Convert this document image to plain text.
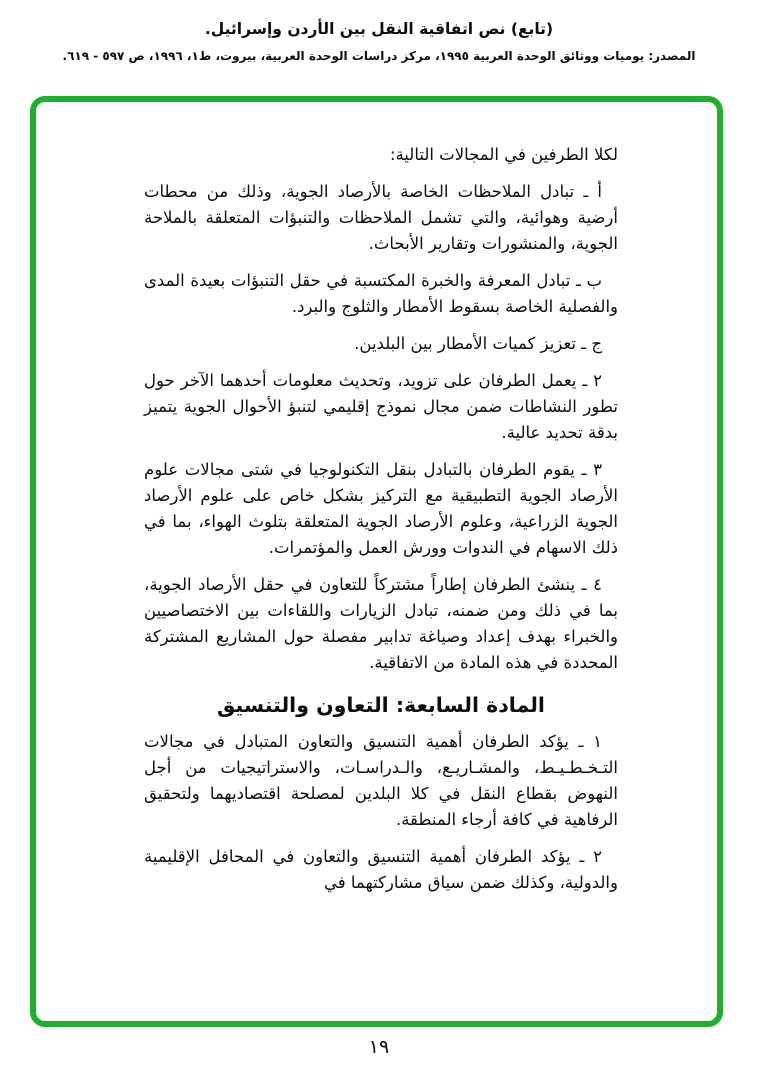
(تابع) نص اتفاقية النقل بين الأردن وإسرائيل.
المصدر: يوميات ووثائق الوحدة العربية ١٩٩٥، مركز دراسات الوحدة العربية، بيروت، ط١، ١٩٩٦، ص ٥٩٧ - ٦١٩.

لكلا الطرفين في المجالات التالية:

أ ـ تبادل الملاحظات الخاصة بالأرصاد الجوية، وذلك من محطات أرضية وهوائية، والتي تشمل الملاحظات والتنبؤات المتعلقة بالملاحة الجوية، والمنشورات وتقارير الأبحاث.

ب ـ تبادل المعرفة والخبرة المكتسبة في حقل التنبؤات بعيدة المدى والفصلية الخاصة بسقوط الأمطار والثلوج والبرد.

ج ـ تعزيز كميات الأمطار بين البلدين.

٢ ـ يعمل الطرفان على تزويد، وتحديث معلومات أحدهما الآخر حول تطور النشاطات ضمن مجال نموذج إقليمي لتنبؤ الأحوال الجوية يتميز بدقة تحديد عالية.

٣ ـ يقوم الطرفان بالتبادل بنقل التكنولوجيا في شتى مجالات علوم الأرصاد الجوية التطبيقية مع التركيز بشكل خاص على علوم الأرصاد الجوية الزراعية، وعلوم الأرصاد الجوية المتعلقة بتلوث الهواء، بما في ذلك الاسهام في الندوات وورش العمل والمؤتمرات.

٤ ـ ينشئ الطرفان إطاراً مشتركاً للتعاون في حقل الأرصاد الجوية، بما في ذلك ومن ضمنه، تبادل الزيارات واللقاءات بين الاختصاصيين والخبراء بهدف إعداد وصياغة تدابير مفصلة حول المشاريع المشتركة المحددة في هذه المادة من الاتفاقية.

المادة السابعة: التعاون والتنسيق

١ ـ يؤكد الطرفان أهمية التنسيق والتعاون المتبادل في مجالات التـخـطـيـط، والمشـاريـع، والـدراسـات، والاستراتيجيات من أجل النهوض بقطاع النقل في كلا البلدين لمصلحة اقتصاديهما ولتحقيق الرفاهية في كافة أرجاء المنطقة.

٢ ـ يؤكد الطرفان أهمية التنسيق والتعاون في المحافل الإقليمية والدولية، وكذلك ضمن سياق مشاركتهما في

١٩
